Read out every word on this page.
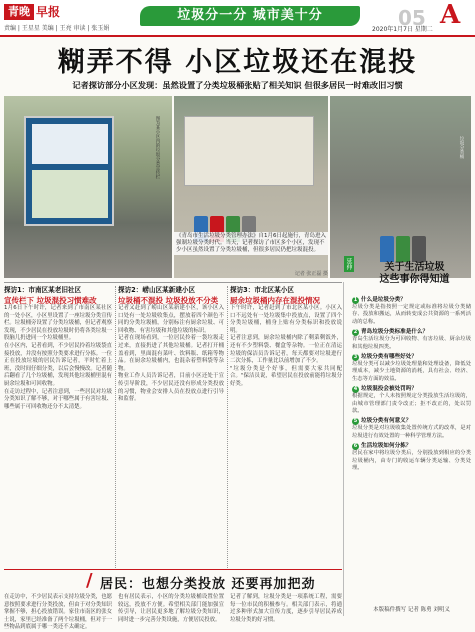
青晚 早报
责编 | 王星星 美编 | 王亮 审读 | 张玉娟
垃圾分一分 城市美十分	05 A
2020年1月7日 星期二
糊弄不得 小区垃圾还在混投
记者探访部分小区发现：虽然设置了分类垃圾桶张贴了相关知识 但很多居民一时难改旧习惯
图为某小区内的垃圾分类宣传栏	垃圾分类桶
《青岛市生活垃圾分类管理办法》自1月6日起施行，青岛进入强制垃圾分类时代。当天，记者探访了市区多个小区，发现不少小区虽然设置了分类垃圾桶，但很多居民仍把垃圾混投。
记者 张正磊 摄
探访1：市南区某老旧社区
宣传栏下 垃圾混投习惯难改
1月6日下午时许，记者来到了市南区某社区的一处小区，小区里设置了一座垃圾分类宣传栏。垃圾桶旁设置了分类垃圾桶，但记者观察发现，不少居民在投放垃圾时仍将各类垃圾一股脑儿扔进同一个垃圾桶里。
在小区内，记者看到，不少居民拎着垃圾袋直接投放，并没有按照分类要求进行分拣。一位正在投放垃圾的居民告诉记者，平时忙着上班，没时间仔细分类，以后会慢慢改。记者随后翻看了几个垃圾桶，发现其他垃圾桶里混有厨余垃圾和可回收物。
在走访过程中，记者注意到，一些居民对垃圾分类知识了解不够，对于哪些属于有害垃圾、哪些属于可回收物还分不太清楚。
探访2：崂山区某新建小区
垃圾桶不混投 垃圾投放不分类
记者又赶到了崂山区某新建小区，该小区入口处有一处垃圾收集点，摆放着四个颜色不同的分类垃圾桶，分别标注有厨余垃圾、可回收物、有害垃圾和其他垃圾的标识。
记者在现场看到，一位居民拎着一袋垃圾走过来，直接扔进了其他垃圾桶。记者打开桶盖看到，里面混有菜叶、饮料瓶、纸箱等物品。在厨余垃圾桶内，也混杂着塑料袋等杂物。
物业工作人员告诉记者，目前小区还处于宣传引导阶段，不少居民还没有形成分类投放的习惯，物业会安排人员在投放点进行引导和监督。
探访3：市北区某小区
厨余垃圾桶内存在混投情况
下午时许，记者赶到了市北区某小区。小区入口不远处有一处垃圾集中投放点，设置了四个分类垃圾桶，桶身上贴有分类标识和投放说明。
记者注意到，厨余垃圾桶内除了剩菜剩饭外，还有不少塑料袋、餐盒等杂物。一位正在清运垃圾的保洁员告诉记者，每天都要对垃圾进行二次分拣，工作量比以前增加了不少。
"垃圾分类是个好事，但需要大家共同配合。"保洁员说，希望居民在投放前能将垃圾分好类。
/ 居民：也想分类投放 还要再加把劲
在走访中，不少居民表示支持垃圾分类，也愿意按照要求进行分类投放，但由于对分类知识掌握不够，担心投放错误。家住市南区的张女士说，家里已经准备了两个垃圾桶，但对于一些物品到底属于哪一类还不太确定。
也有居民表示，小区的分类垃圾桶设置位置较远，投放不方便。希望相关部门能加强宣传引导，让居民更多地了解垃圾分类知识，同时进一步完善分类设施，方便居民投放。
记者了解到，垃圾分类是一项系统工程，需要每一位市民的积极参与。相关部门表示，将通过多种形式加大宣传力度，逐步引导居民养成垃圾分类的好习惯。
延伸	关于生活垃圾
这些事你得知道
1 什么是垃圾分类？
垃圾分类是指按照一定规定或标准将垃圾分类储存、投放和搬运，从而转变成公共资源的一系列活动的总称。
2 青岛垃圾分类标准是什么？
青岛生活垃圾分为可回收物、有害垃圾、厨余垃圾和其他垃圾四类。
3 垃圾分类有哪些好处？
垃圾分类可以减少垃圾处理量和处理设备，降低处理成本，减少土地资源的消耗，具有社会、经济、生态等方面的效益。
4 垃圾混投会被处罚吗？
根据规定，个人未按照规定分类投放生活垃圾的，由城市管理部门责令改正；拒不改正的，处以罚款。
5 垃圾分类有何意义？
垃圾分类是对垃圾收集处置传统方式的改革，是对垃圾进行有效处置的一种科学管理方法。
6 生活垃圾如何分拣？
居民在家中将垃圾分类后，分别投放到相应的分类垃圾桶内，由专门的收运车辆分类运输、分类处理。
本版稿件撰写 记者 陈勇 刘明义
